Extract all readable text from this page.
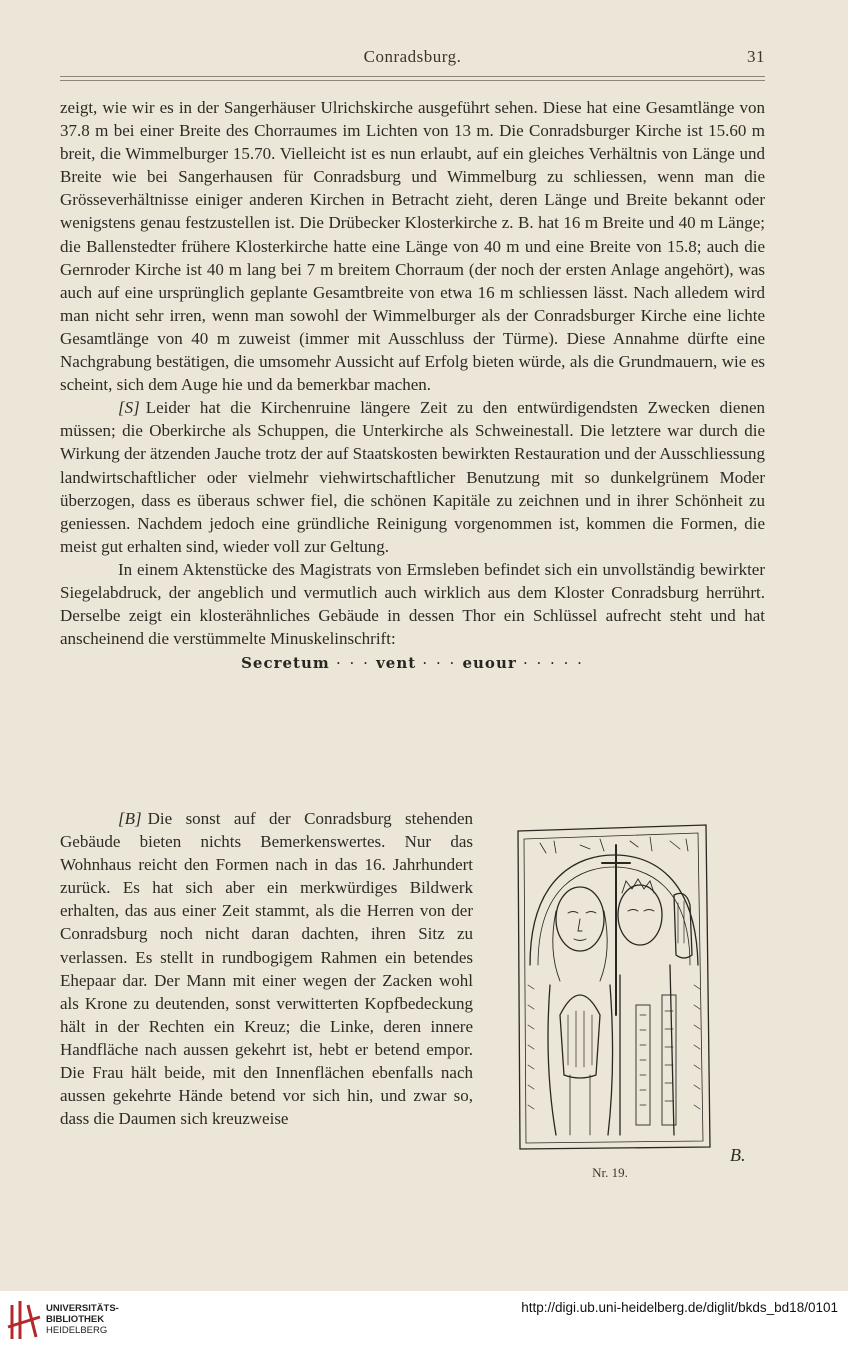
Conradsburg.	31

zeigt, wie wir es in der Sangerhäuser Ulrichskirche ausgeführt sehen. Diese hat eine Gesamtlänge von 37.8 m bei einer Breite des Chorraumes im Lichten von 13 m. Die Conradsburger Kirche ist 15.60 m breit, die Wimmelburger 15.70. Vielleicht ist es nun erlaubt, auf ein gleiches Verhältnis von Länge und Breite wie bei Sangerhausen für Conradsburg und Wimmelburg zu schliessen, wenn man die Grösseverhältnisse einiger anderen Kirchen in Betracht zieht, deren Länge und Breite bekannt oder wenigstens genau festzustellen ist. Die Drübecker Klosterkirche z. B. hat 16 m Breite und 40 m Länge; die Ballenstedter frühere Klosterkirche hatte eine Länge von 40 m und eine Breite von 15.8; auch die Gernroder Kirche ist 40 m lang bei 7 m breitem Chorraum (der noch der ersten Anlage angehört), was auch auf eine ursprünglich geplante Gesamtbreite von etwa 16 m schliessen lässt. Nach alledem wird man nicht sehr irren, wenn man sowohl der Wimmelburger als der Conradsburger Kirche eine lichte Gesamtlänge von 40 m zuweist (immer mit Ausschluss der Türme). Diese Annahme dürfte eine Nachgrabung bestätigen, die umsomehr Aussicht auf Erfolg bieten würde, als die Grundmauern, wie es scheint, sich dem Auge hie und da bemerkbar machen.

[S] Leider hat die Kirchenruine längere Zeit zu den entwürdigendsten Zwecken dienen müssen; die Oberkirche als Schuppen, die Unterkirche als Schweinestall. Die letztere war durch die Wirkung der ätzenden Jauche trotz der auf Staatskosten bewirkten Restauration und der Ausschliessung landwirtschaftlicher oder vielmehr viehwirtschaftlicher Benutzung mit so dunkelgrünem Moder überzogen, dass es überaus schwer fiel, die schönen Kapitäle zu zeichnen und in ihrer Schönheit zu geniessen. Nachdem jedoch eine gründliche Reinigung vorgenommen ist, kommen die Formen, die meist gut erhalten sind, wieder voll zur Geltung.

In einem Aktenstücke des Magistrats von Ermsleben befindet sich ein unvollständig bewirkter Siegelabdruck, der angeblich und vermutlich auch wirklich aus dem Kloster Conradsburg herrührt. Derselbe zeigt ein klosterähnliches Gebäude in dessen Thor ein Schlüssel aufrecht steht und hat anscheinend die verstümmelte Minuskelinschrift:

Secretum · · · vent · · · euour · · · · ·

[B] Die sonst auf der Conradsburg stehenden Gebäude bieten nichts Bemerkenswertes. Nur das Wohnhaus reicht den Formen nach in das 16. Jahrhundert zurück. Es hat sich aber ein merkwürdiges Bildwerk erhalten, das aus einer Zeit stammt, als die Herren von der Conradsburg noch nicht daran dachten, ihren Sitz zu verlassen. Es stellt in rundbogigem Rahmen ein betendes Ehepaar dar. Der Mann mit einer wegen der Zacken wohl als Krone zu deutenden, sonst verwitterten Kopfbedeckung hält in der Rechten ein Kreuz; die Linke, deren innere Handfläche nach aussen gekehrt ist, hebt er betend empor. Die Frau hält beide, mit den Innenflächen ebenfalls nach aussen gekehrte Hände betend vor sich hin, und zwar so, dass die Daumen sich kreuzweise

B.
Nr. 19.
UNIVERSITÄTS-
BIBLIOTHEK
HEIDELBERG
http://digi.ub.uni-heidelberg.de/diglit/bkds_bd18/0101
